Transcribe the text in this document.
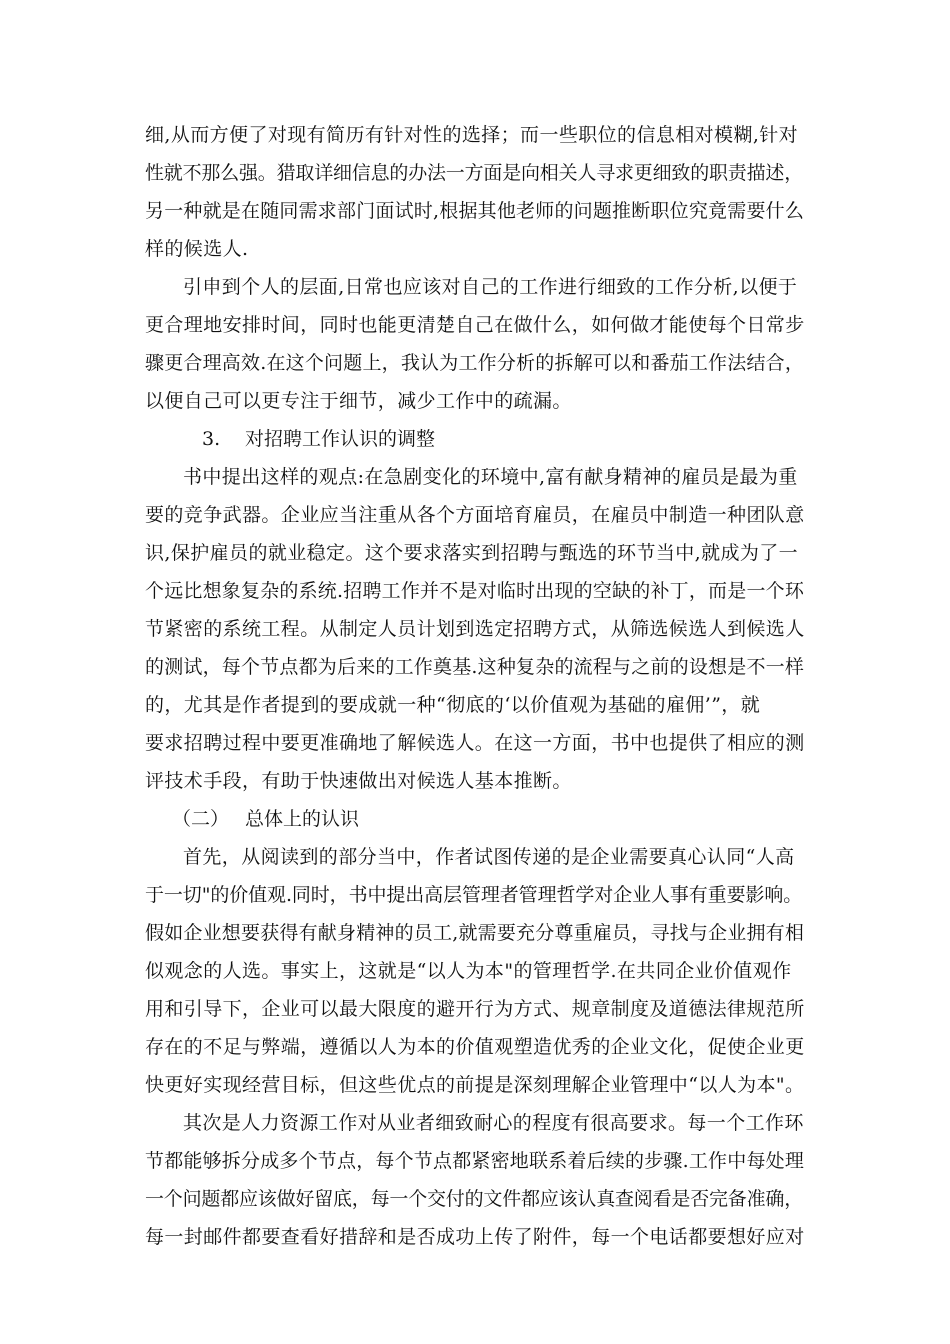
细,从而方便了对现有简历有针对性的选择；而一些职位的信息相对模糊,针对
性就不那么强。猎取详细信息的办法一方面是向相关人寻求更细致的职责描述，
另一种就是在随同需求部门面试时,根据其他老师的问题推断职位究竟需要什么
样的候选人.
引申到个人的层面,日常也应该对自己的工作进行细致的工作分析,以便于
更合理地安排时间，同时也能更清楚自己在做什么，如何做才能使每个日常步
骤更合理高效.在这个问题上，我认为工作分析的拆解可以和番茄工作法结合，
以便自己可以更专注于细节，减少工作中的疏漏。
3. 对招聘工作认识的调整
书中提出这样的观点:在急剧变化的环境中,富有献身精神的雇员是最为重
要的竞争武器。企业应当注重从各个方面培育雇员，在雇员中制造一种团队意
识,保护雇员的就业稳定。这个要求落实到招聘与甄选的环节当中,就成为了一
个远比想象复杂的系统.招聘工作并不是对临时出现的空缺的补丁，而是一个环
节紧密的系统工程。从制定人员计划到选定招聘方式，从筛选候选人到候选人
的测试，每个节点都为后来的工作奠基.这种复杂的流程与之前的设想是不一样
的，尤其是作者提到的要成就一种“彻底的‘以价值观为基础的雇佣’”，就
要求招聘过程中要更准确地了解候选人。在这一方面，书中也提供了相应的测
评技术手段，有助于快速做出对候选人基本推断。
（二） 总体上的认识
首先，从阅读到的部分当中，作者试图传递的是企业需要真心认同“人高
于一切"的价值观.同时，书中提出高层管理者管理哲学对企业人事有重要影响。
假如企业想要获得有献身精神的员工,就需要充分尊重雇员，寻找与企业拥有相
似观念的人选。事实上，这就是“以人为本"的管理哲学.在共同企业价值观作
用和引导下，企业可以最大限度的避开行为方式、规章制度及道德法律规范所
存在的不足与弊端，遵循以人为本的价值观塑造优秀的企业文化，促使企业更
快更好实现经营目标，但这些优点的前提是深刻理解企业管理中“以人为本"。
其次是人力资源工作对从业者细致耐心的程度有很高要求。每一个工作环
节都能够拆分成多个节点，每个节点都紧密地联系着后续的步骤.工作中每处理
一个问题都应该做好留底，每一个交付的文件都应该认真查阅看是否完备准确，
每一封邮件都要查看好措辞和是否成功上传了附件，每一个电话都要想好应对
